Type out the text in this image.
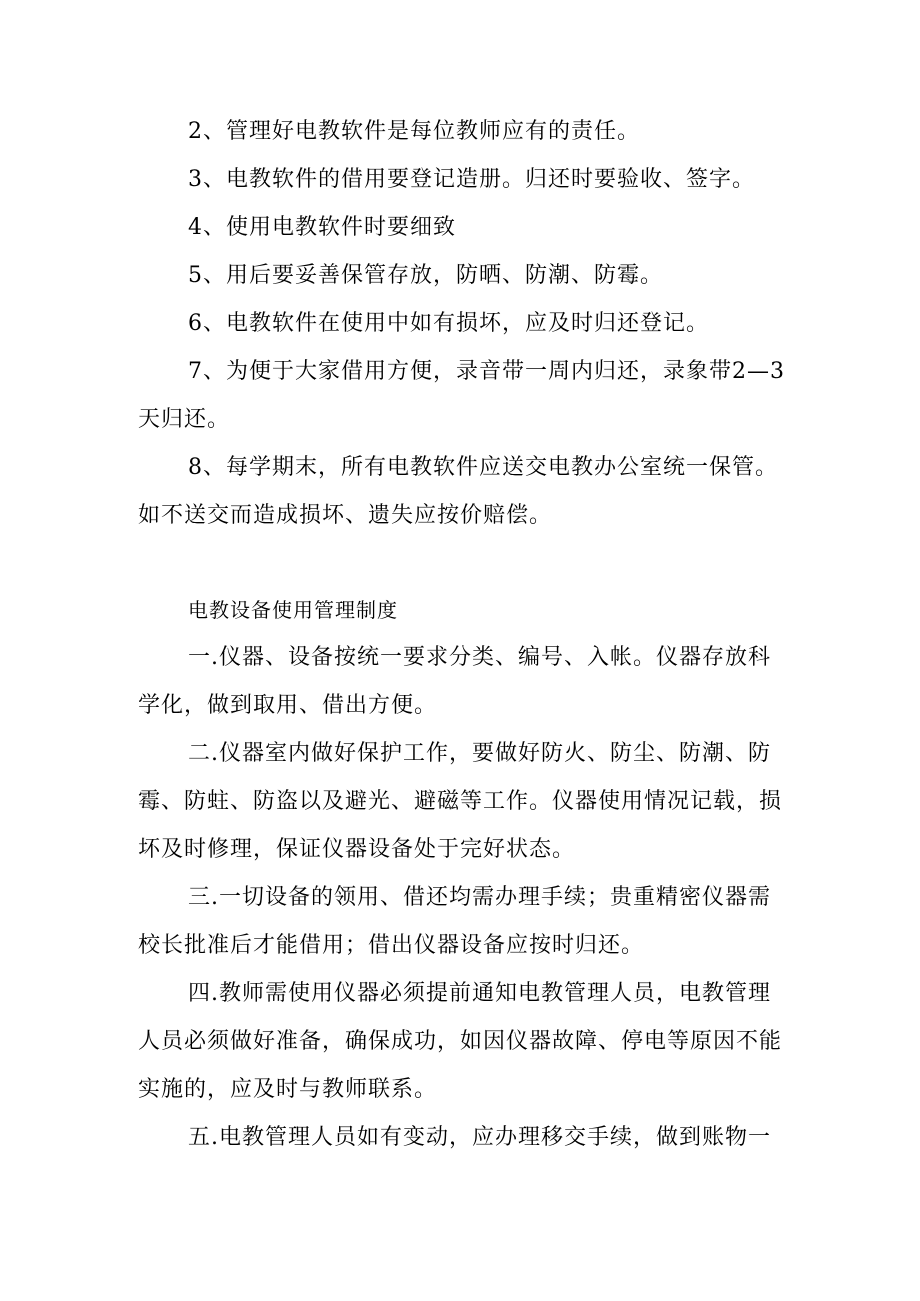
2、管理好电教软件是每位教师应有的责任。

3、电教软件的借用要登记造册。归还时要验收、签字。

4、使用电教软件时要细致

5、用后要妥善保管存放，防晒、防潮、防霉。

6、电教软件在使用中如有损坏，应及时归还登记。

7、为便于大家借用方便，录音带一周内归还，录象带2—3天归还。

8、每学期末，所有电教软件应送交电教办公室统一保管。如不送交而造成损坏、遗失应按价赔偿。

电教设备使用管理制度

一.仪器、设备按统一要求分类、编号、入帐。仪器存放科学化，做到取用、借出方便。

二.仪器室内做好保护工作，要做好防火、防尘、防潮、防霉、防蛀、防盗以及避光、避磁等工作。仪器使用情况记载，损坏及时修理，保证仪器设备处于完好状态。

三.一切设备的领用、借还均需办理手续；贵重精密仪器需校长批准后才能借用；借出仪器设备应按时归还。

四.教师需使用仪器必须提前通知电教管理人员，电教管理人员必须做好准备，确保成功，如因仪器故障、停电等原因不能实施的，应及时与教师联系。

五.电教管理人员如有变动，应办理移交手续，做到账物一
